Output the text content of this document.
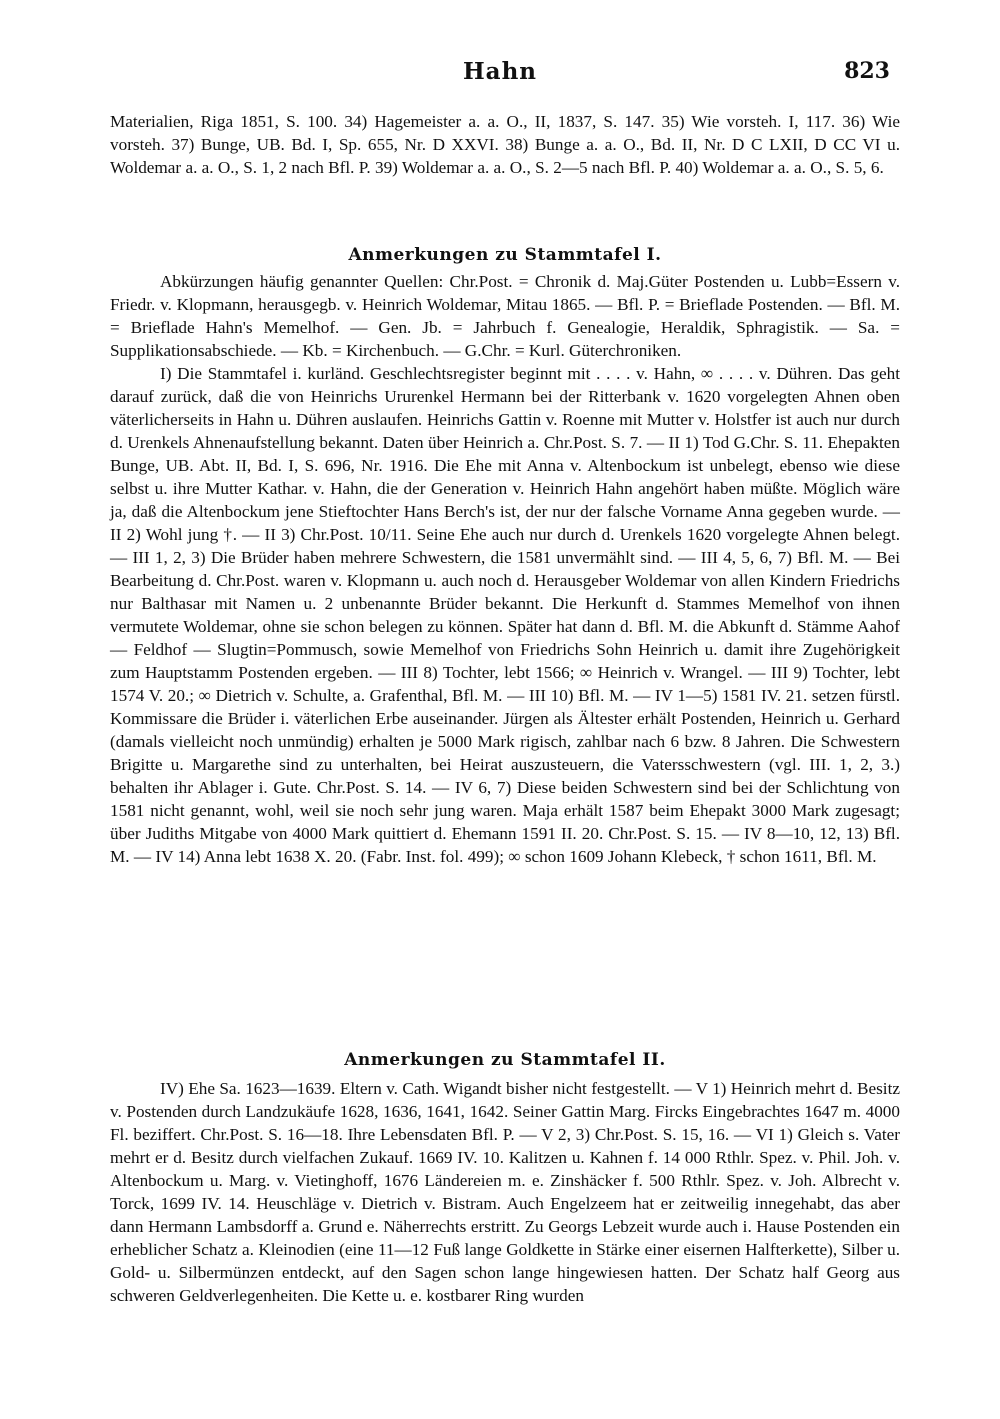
Hahn	823

Materialien, Riga 1851, S. 100. 34) Hagemeister a. a. O., II, 1837, S. 147. 35) Wie vorsteh. I, 117. 36) Wie vorsteh. 37) Bunge, UB. Bd. I, Sp. 655, Nr. D XXVI. 38) Bunge a. a. O., Bd. II, Nr. D C LXII, D CC VI u. Woldemar a. a. O., S. 1, 2 nach Bfl. P. 39) Woldemar a. a. O., S. 2—5 nach Bfl. P. 40) Woldemar a. a. O., S. 5, 6.

Anmerkungen zu Stammtafel I.

Abkürzungen häufig genannter Quellen: Chr.Post. = Chronik d. Maj.Güter Postenden u. Lubb=Essern v. Friedr. v. Klopmann, herausgegb. v. Heinrich Woldemar, Mitau 1865. — Bfl. P. = Brieflade Postenden. — Bfl. M. = Brieflade Hahn's Memelhof. — Gen. Jb. = Jahrbuch f. Genealogie, Heraldik, Sphragistik. — Sa. = Supplikationsabschiede. — Kb. = Kirchenbuch. — G.Chr. = Kurl. Güterchroniken.

I) Die Stammtafel i. kurländ. Geschlechtsregister beginnt mit . . . . v. Hahn, ∞ . . . . v. Dühren. Das geht darauf zurück, daß die von Heinrichs Ururenkel Hermann bei der Ritterbank v. 1620 vorgelegten Ahnen oben väterlicherseits in Hahn u. Dühren auslaufen. Heinrichs Gattin v. Roenne mit Mutter v. Holstfer ist auch nur durch d. Urenkels Ahnenaufstellung bekannt. Daten über Heinrich a. Chr.Post. S. 7. — II 1) Tod G.Chr. S. 11. Ehepakten Bunge, UB. Abt. II, Bd. I, S. 696, Nr. 1916. Die Ehe mit Anna v. Altenbockum ist unbelegt, ebenso wie diese selbst u. ihre Mutter Kathar. v. Hahn, die der Generation v. Heinrich Hahn angehört haben müßte. Möglich wäre ja, daß die Altenbockum jene Stieftochter Hans Berch's ist, der nur der falsche Vorname Anna gegeben wurde. — II 2) Wohl jung †. — II 3) Chr.Post. 10/11. Seine Ehe auch nur durch d. Urenkels 1620 vorgelegte Ahnen belegt. — III 1, 2, 3) Die Brüder haben mehrere Schwestern, die 1581 unvermählt sind. — III 4, 5, 6, 7) Bfl. M. — Bei Bearbeitung d. Chr.Post. waren v. Klopmann u. auch noch d. Herausgeber Woldemar von allen Kindern Friedrichs nur Balthasar mit Namen u. 2 unbenannte Brüder bekannt. Die Herkunft d. Stammes Memelhof von ihnen vermutete Woldemar, ohne sie schon belegen zu können. Später hat dann d. Bfl. M. die Abkunft d. Stämme Aahof — Feldhof — Slugtin=Pommusch, sowie Memelhof von Friedrichs Sohn Heinrich u. damit ihre Zugehörigkeit zum Hauptstamm Postenden ergeben. — III 8) Tochter, lebt 1566; ∞ Heinrich v. Wrangel. — III 9) Tochter, lebt 1574 V. 20.; ∞ Dietrich v. Schulte, a. Grafenthal, Bfl. M. — III 10) Bfl. M. — IV 1—5) 1581 IV. 21. setzen fürstl. Kommissare die Brüder i. väterlichen Erbe auseinander. Jürgen als Ältester erhält Postenden, Heinrich u. Gerhard (damals vielleicht noch unmündig) erhalten je 5000 Mark rigisch, zahlbar nach 6 bzw. 8 Jahren. Die Schwestern Brigitte u. Margarethe sind zu unterhalten, bei Heirat auszusteuern, die Vatersschwestern (vgl. III. 1, 2, 3.) behalten ihr Ablager i. Gute. Chr.Post. S. 14. — IV 6, 7) Diese beiden Schwestern sind bei der Schlichtung von 1581 nicht genannt, wohl, weil sie noch sehr jung waren. Maja erhält 1587 beim Ehepakt 3000 Mark zugesagt; über Judiths Mitgabe von 4000 Mark quittiert d. Ehemann 1591 II. 20. Chr.Post. S. 15. — IV 8—10, 12, 13) Bfl. M. — IV 14) Anna lebt 1638 X. 20. (Fabr. Inst. fol. 499); ∞ schon 1609 Johann Klebeck, † schon 1611, Bfl. M.

Anmerkungen zu Stammtafel II.

IV) Ehe Sa. 1623—1639. Eltern v. Cath. Wigandt bisher nicht festgestellt. — V 1) Heinrich mehrt d. Besitz v. Postenden durch Landzukäufe 1628, 1636, 1641, 1642. Seiner Gattin Marg. Fircks Eingebrachtes 1647 m. 4000 Fl. beziffert. Chr.Post. S. 16—18. Ihre Lebensdaten Bfl. P. — V 2, 3) Chr.Post. S. 15, 16. — VI 1) Gleich s. Vater mehrt er d. Besitz durch vielfachen Zukauf. 1669 IV. 10. Kalitzen u. Kahnen f. 14 000 Rthlr. Spez. v. Phil. Joh. v. Altenbockum u. Marg. v. Vietinghoff, 1676 Ländereien m. e. Zinshäcker f. 500 Rthlr. Spez. v. Joh. Albrecht v. Torck, 1699 IV. 14. Heuschläge v. Dietrich v. Bistram. Auch Engelzeem hat er zeitweilig innegehabt, das aber dann Hermann Lambsdorff a. Grund e. Näherrechts erstritt. Zu Georgs Lebzeit wurde auch i. Hause Postenden ein erheblicher Schatz a. Kleinodien (eine 11—12 Fuß lange Goldkette in Stärke einer eisernen Halfterkette), Silber u. Gold- u. Silbermünzen entdeckt, auf den Sagen schon lange hingewiesen hatten. Der Schatz half Georg aus schweren Geldverlegenheiten. Die Kette u. e. kostbarer Ring wurden
